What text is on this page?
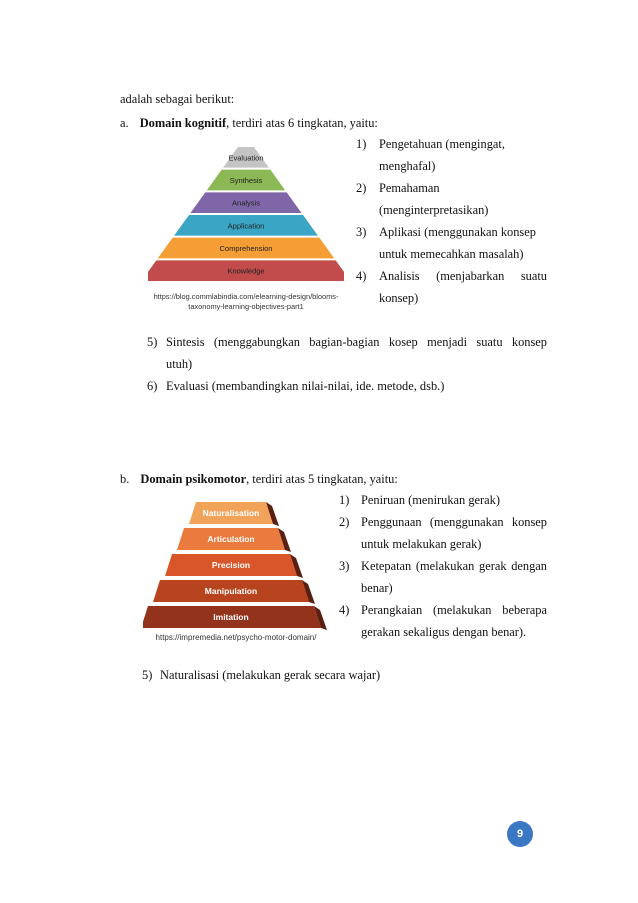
adalah sebagai berikut:
a. Domain kognitif, terdiri atas 6 tingkatan, yaitu:
Evaluation
Synthesis
Analysis
Application
Comprehension
Knowledge
https://blog.commlabindia.com/elearning-design/blooms-
taxonomy-learning-objectives-part1
1) Pengetahuan (mengingat,
menghafal)
2) Pemahaman
(menginterpretasikan)
3) Aplikasi (menggunakan konsep
untuk memecahkan masalah)
4) Analisis (menjabarkan suatu
konsep)
5) Sintesis (menggabungkan bagian-bagian kosep menjadi suatu konsep
utuh)
6) Evaluasi (membandingkan nilai-nilai, ide. metode, dsb.)
b. Domain psikomotor, terdiri atas 5 tingkatan, yaitu:
Naturalisation
Articulation
Precision
Manipulation
Imitation
https://impremedia.net/psycho-motor-domain/
1) Peniruan (menirukan gerak)
2) Penggunaan (menggunakan konsep
untuk melakukan gerak)
3) Ketepatan (melakukan gerak dengan
benar)
4) Perangkaian (melakukan beberapa
gerakan sekaligus dengan benar).
5) Naturalisasi (melakukan gerak secara wajar)
9
